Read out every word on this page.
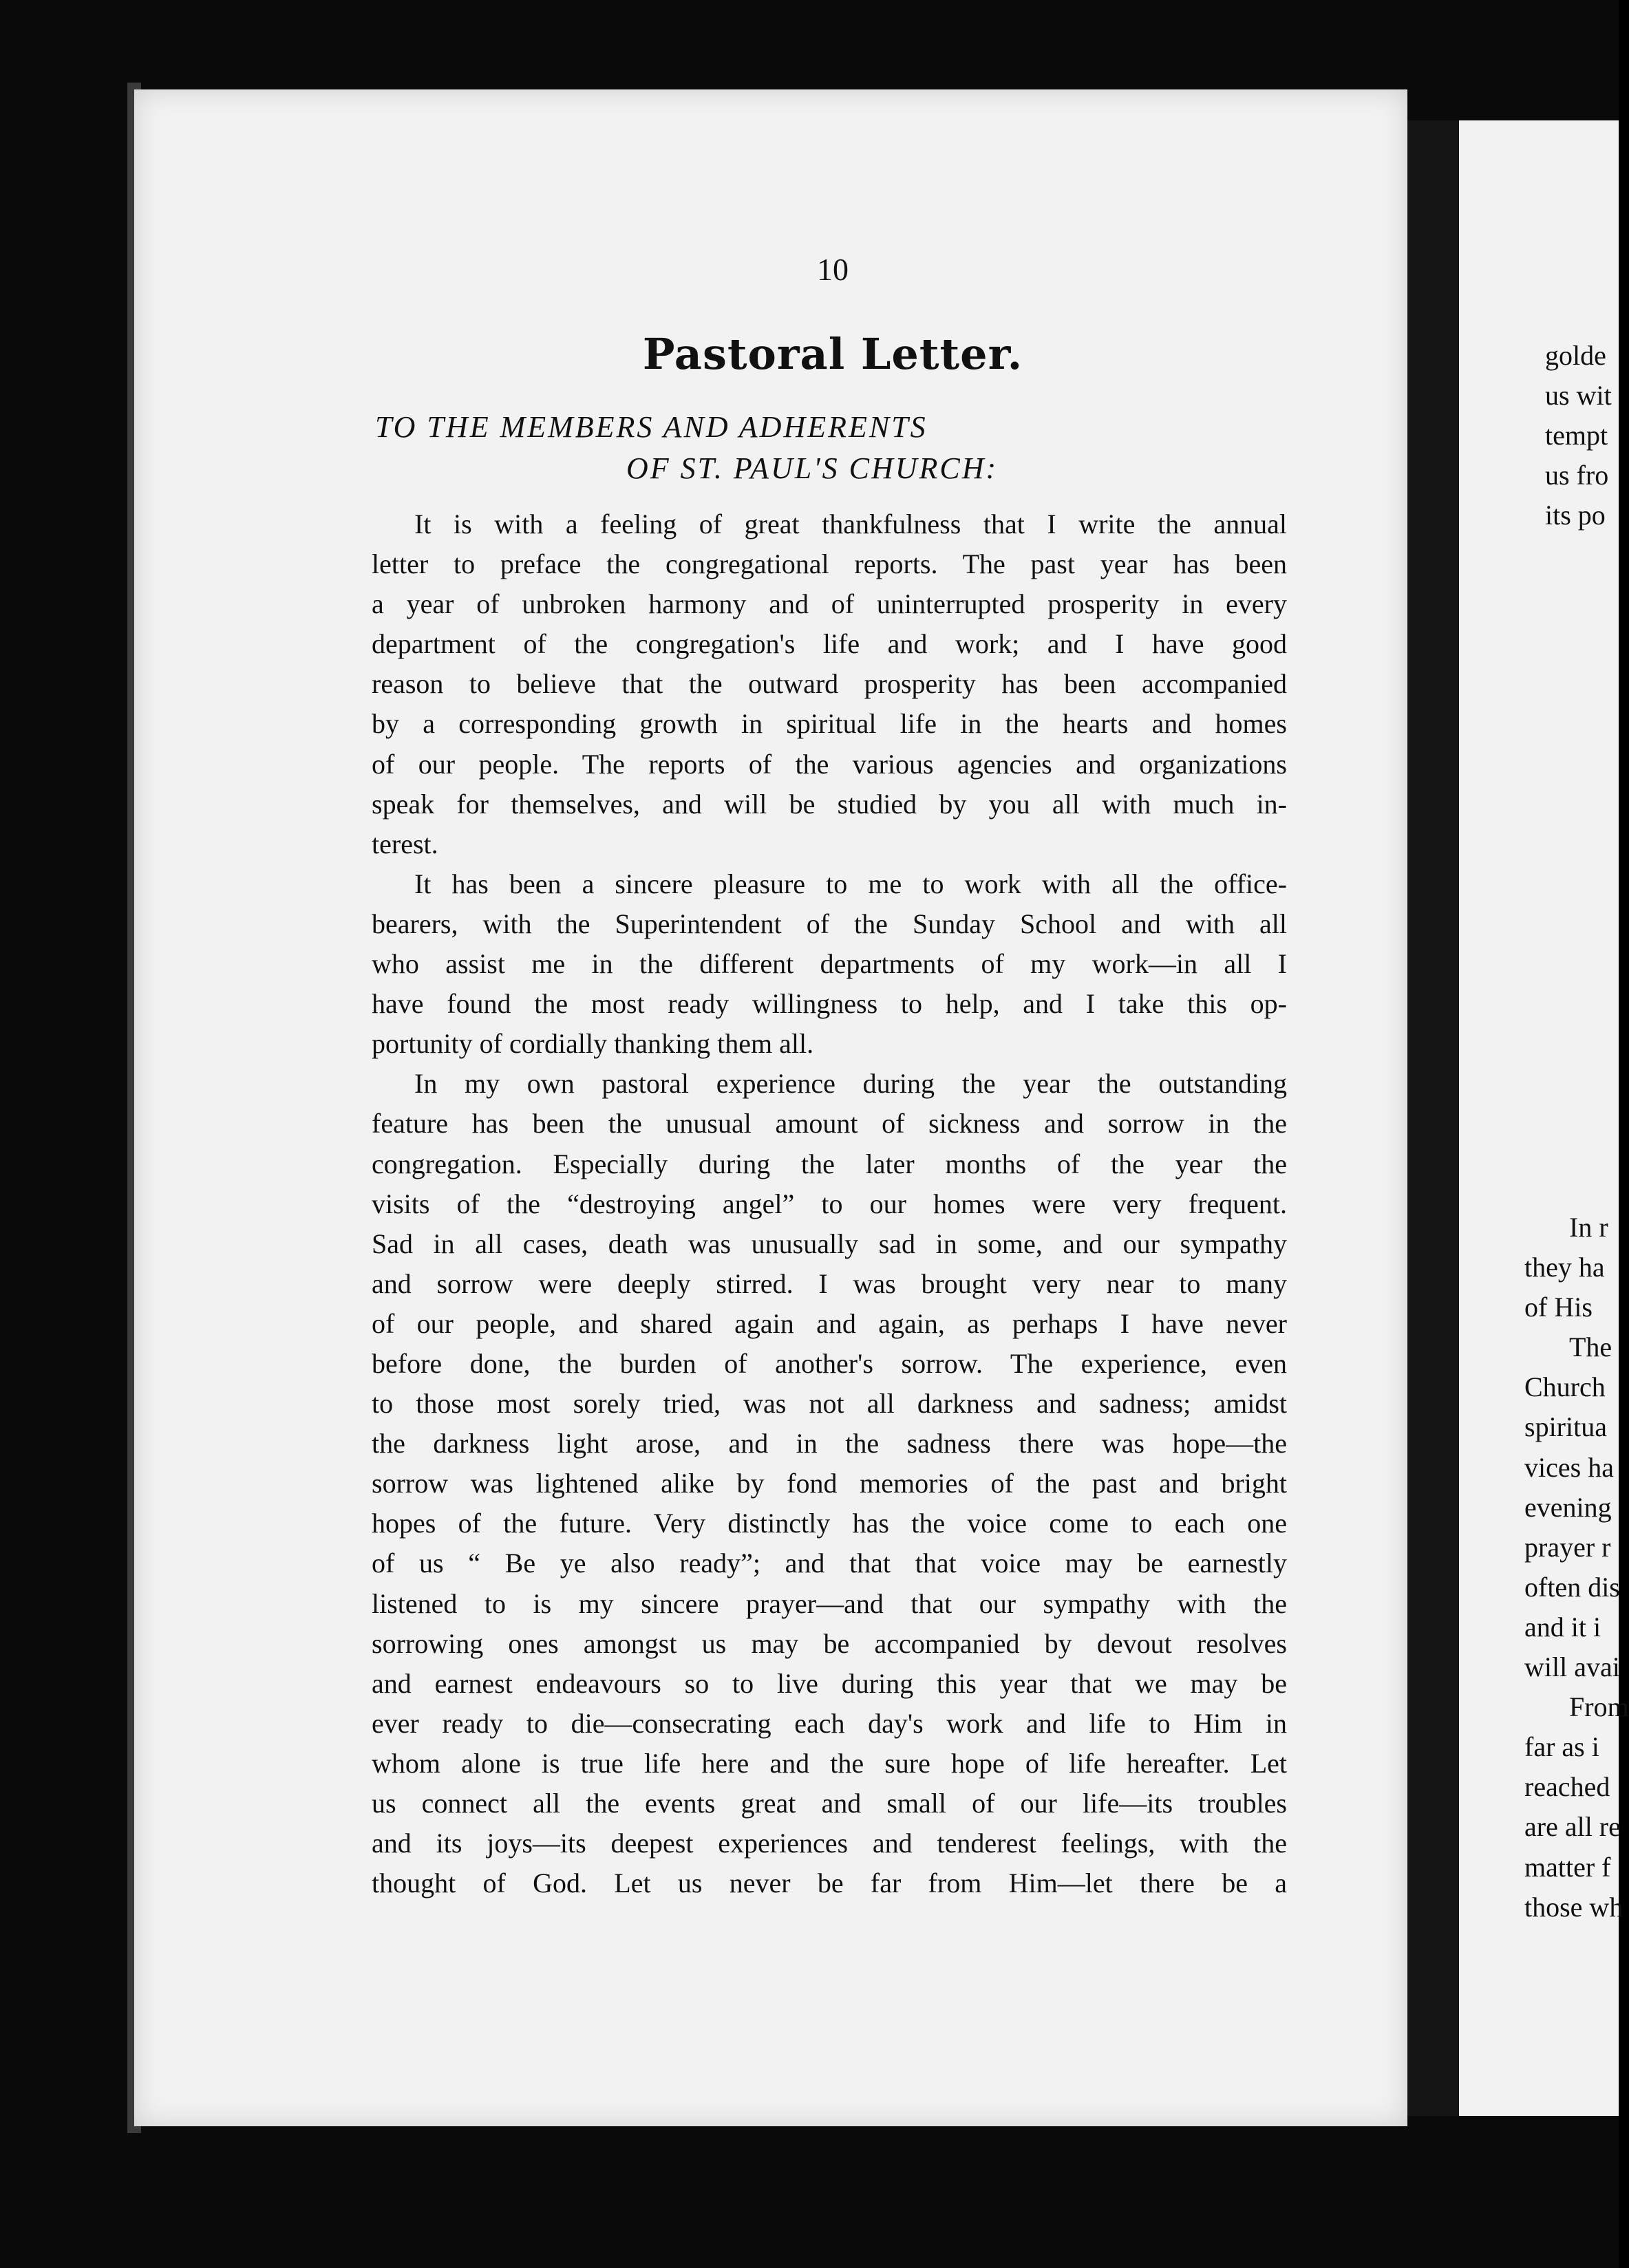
10
Pastoral Letter.
TO THE MEMBERS AND ADHERENTS
OF ST. PAUL'S CHURCH:
It is with a feeling of great thankfulness that I write the annual
letter to preface the congregational reports. The past year has been
a year of unbroken harmony and of uninterrupted prosperity in every
department of the congregation's life and work; and I have good
reason to believe that the outward prosperity has been accompanied
by a corresponding growth in spiritual life in the hearts and homes
of our people. The reports of the various agencies and organizations
speak for themselves, and will be studied by you all with much in-
terest.
It has been a sincere pleasure to me to work with all the office-
bearers, with the Superintendent of the Sunday School and with all
who assist me in the different departments of my work—in all I
have found the most ready willingness to help, and I take this op-
portunity of cordially thanking them all.
In my own pastoral experience during the year the outstanding
feature has been the unusual amount of sickness and sorrow in the
congregation. Especially during the later months of the year the
visits of the “destroying angel” to our homes were very frequent.
Sad in all cases, death was unusually sad in some, and our sympathy
and sorrow were deeply stirred. I was brought very near to many
of our people, and shared again and again, as perhaps I have never
before done, the burden of another's sorrow. The experience, even
to those most sorely tried, was not all darkness and sadness; amidst
the darkness light arose, and in the sadness there was hope—the
sorrow was lightened alike by fond memories of the past and bright
hopes of the future. Very distinctly has the voice come to each one
of us “ Be ye also ready”; and that that voice may be earnestly
listened to is my sincere prayer—and that our sympathy with the
sorrowing ones amongst us may be accompanied by devout resolves
and earnest endeavours so to live during this year that we may be
ever ready to die—consecrating each day's work and life to Him in
whom alone is true life here and the sure hope of life hereafter. Let
us connect all the events great and small of our life—its troubles
and its joys—its deepest experiences and tenderest feelings, with the
thought of God. Let us never be far from Him—let there be a
golde
us wit
tempt
us fro
its po
In r
they ha
of His
The
Church
spiritua
vices ha
evening
prayer r
often dis
and it i
will avai
From
far as i
reached
are all re
matter f
those wh
